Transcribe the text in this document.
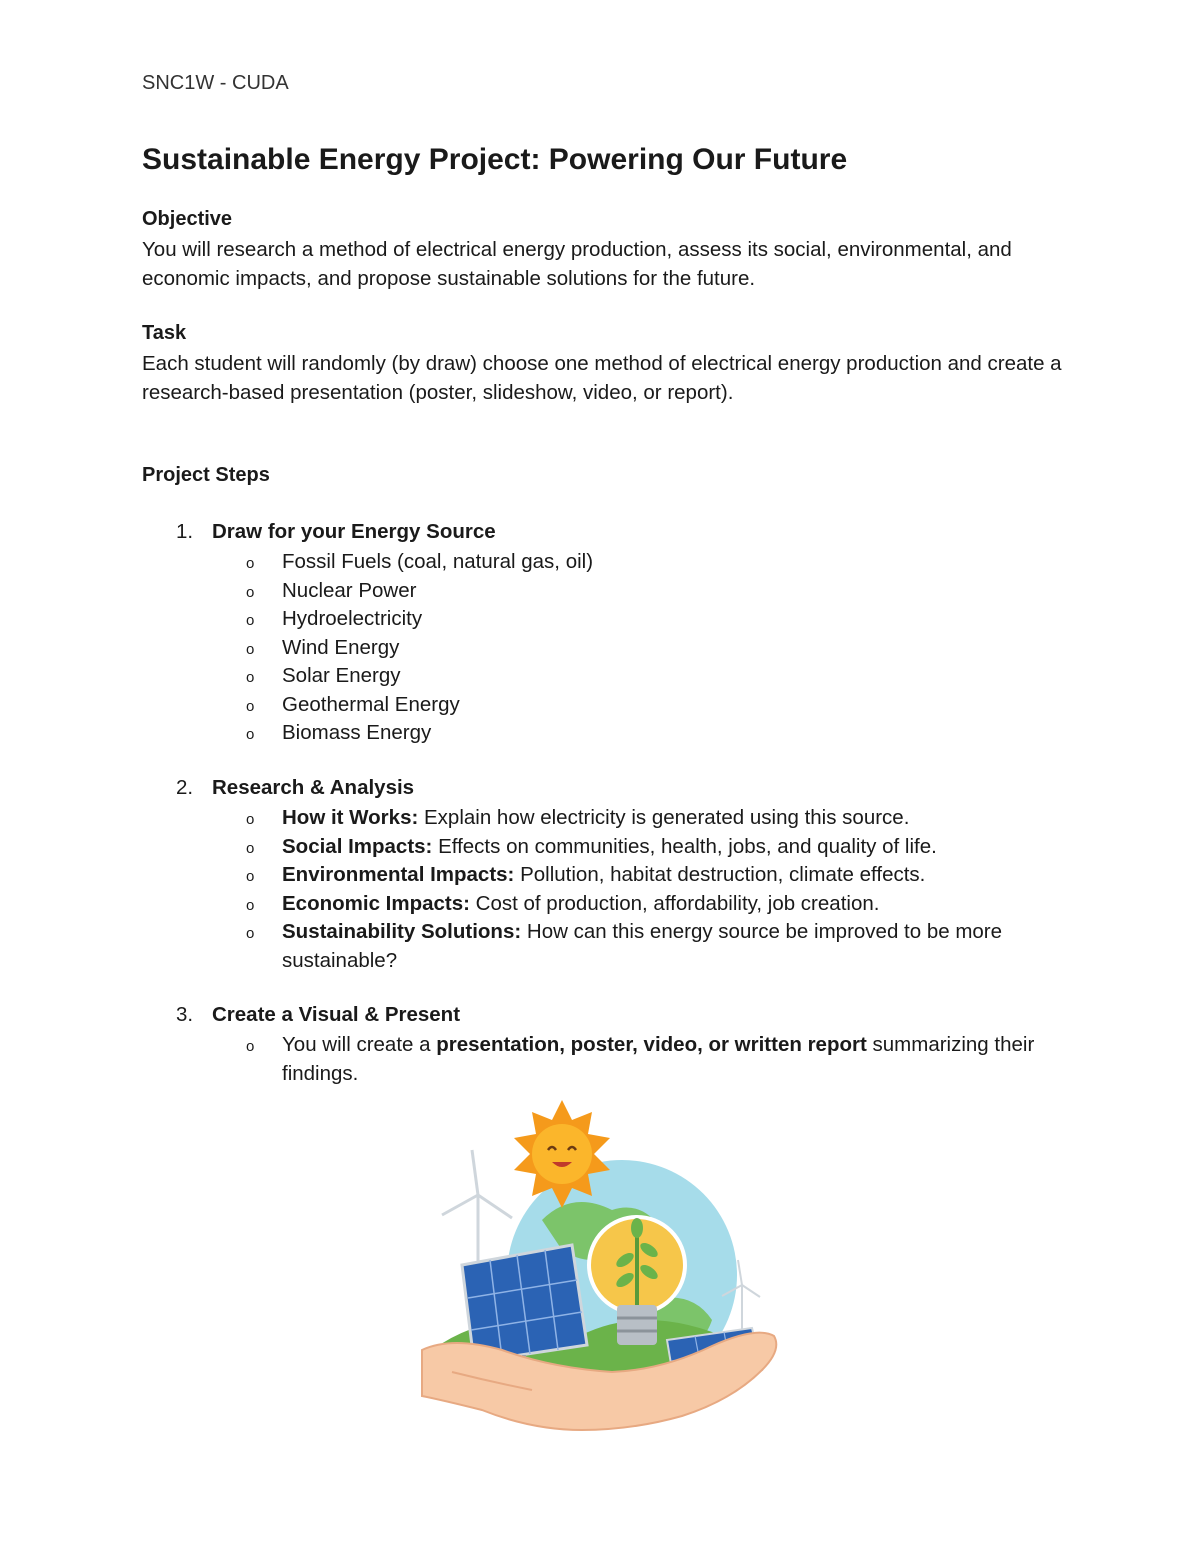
SNC1W - CUDA
Sustainable Energy Project: Powering Our Future
Objective

You will research a method of electrical energy production, assess its social, environmental, and economic impacts, and propose sustainable solutions for the future.

Task

Each student will randomly (by draw) choose one method of electrical energy production and create a research-based presentation (poster, slideshow, video, or report).

Project Steps
1. Draw for your Energy Source
o Fossil Fuels (coal, natural gas, oil)
o Nuclear Power
o Hydroelectricity
o Wind Energy
o Solar Energy
o Geothermal Energy
o Biomass Energy
2. Research & Analysis
o How it Works: Explain how electricity is generated using this source.
o Social Impacts: Effects on communities, health, jobs, and quality of life.
o Environmental Impacts: Pollution, habitat destruction, climate effects.
o Economic Impacts: Cost of production, affordability, job creation.
o Sustainability Solutions: How can this energy source be improved to be more sustainable?
3. Create a Visual & Present
o You will create a presentation, poster, video, or written report summarizing their findings.
